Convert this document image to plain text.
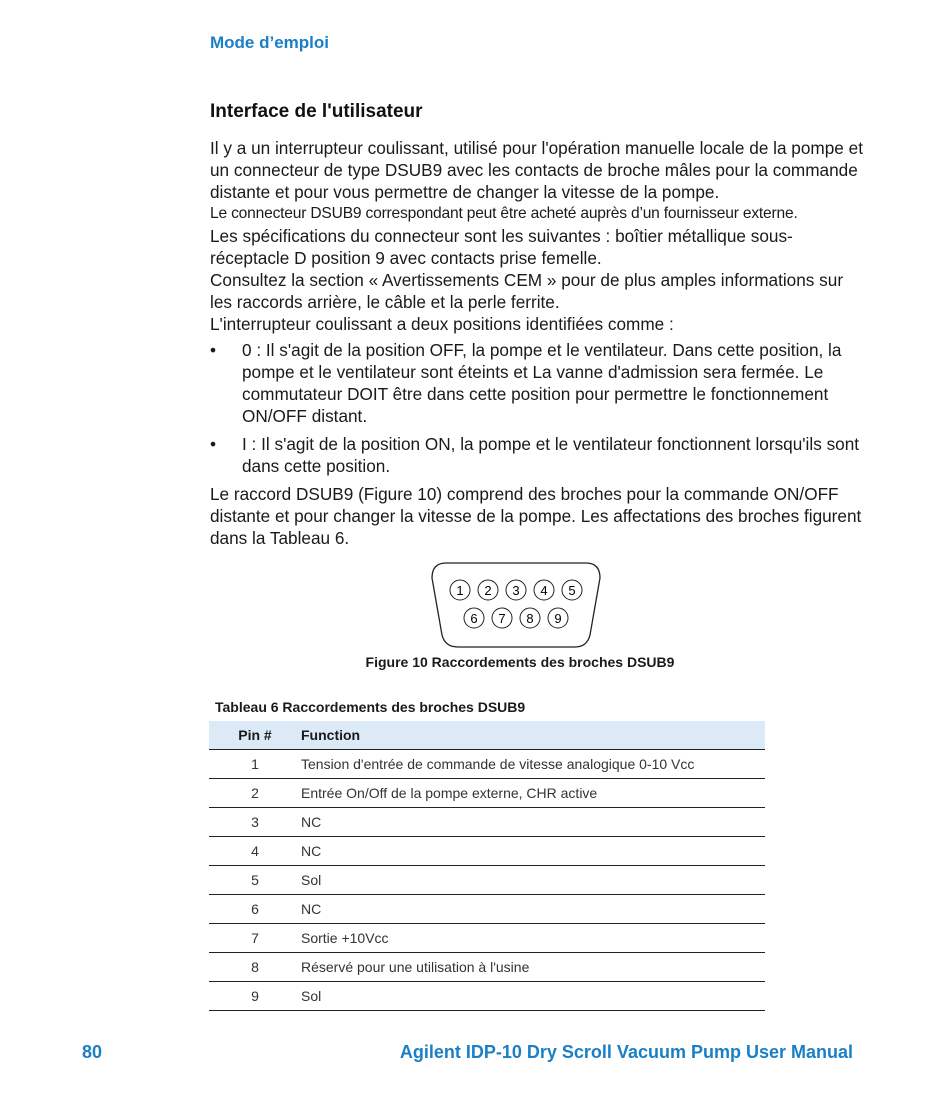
Mode d’emploi
Interface de l'utilisateur

Il y a un interrupteur coulissant, utilisé pour l'opération manuelle locale de la pompe et un connecteur de type DSUB9 avec les contacts de broche mâles pour la commande distante et pour vous permettre de changer la vitesse de la pompe.

Le connecteur DSUB9 correspondant peut être acheté auprès d’un fournisseur externe.

Les spécifications du connecteur sont les suivantes : boîtier métallique sous-réceptacle D position 9 avec contacts prise femelle.

Consultez la section « Avertissements CEM » pour de plus amples informations sur les raccords arrière, le câble et la perle ferrite.

L'interrupteur coulissant a deux positions identifiées comme :

• 0 : Il s'agit de la position OFF, la pompe et le ventilateur. Dans cette position, la pompe et le ventilateur sont éteints et La vanne d'admission sera fermée. Le commutateur DOIT être dans cette position pour permettre le fonctionnement ON/OFF distant.
• I : Il s'agit de la position ON, la pompe et le ventilateur fonctionnent lorsqu'ils sont dans cette position.

Le raccord DSUB9 (Figure 10) comprend des broches pour la commande ON/OFF distante et pour changer la vitesse de la pompe. Les affectations des broches figurent dans la Tableau 6.

1 2 3 4 5
6 7 8 9
Figure 10 Raccordements des broches DSUB9
Tableau 6 Raccordements des broches DSUB9
Pin #	Function
1	Tension d'entrée de commande de vitesse analogique 0-10 Vcc
2	Entrée On/Off de la pompe externe, CHR active
3	NC
4	NC
5	Sol
6	NC
7	Sortie +10Vcc
8	Réservé pour une utilisation à l'usine
9	Sol
80	Agilent IDP-10 Dry Scroll Vacuum Pump User Manual
